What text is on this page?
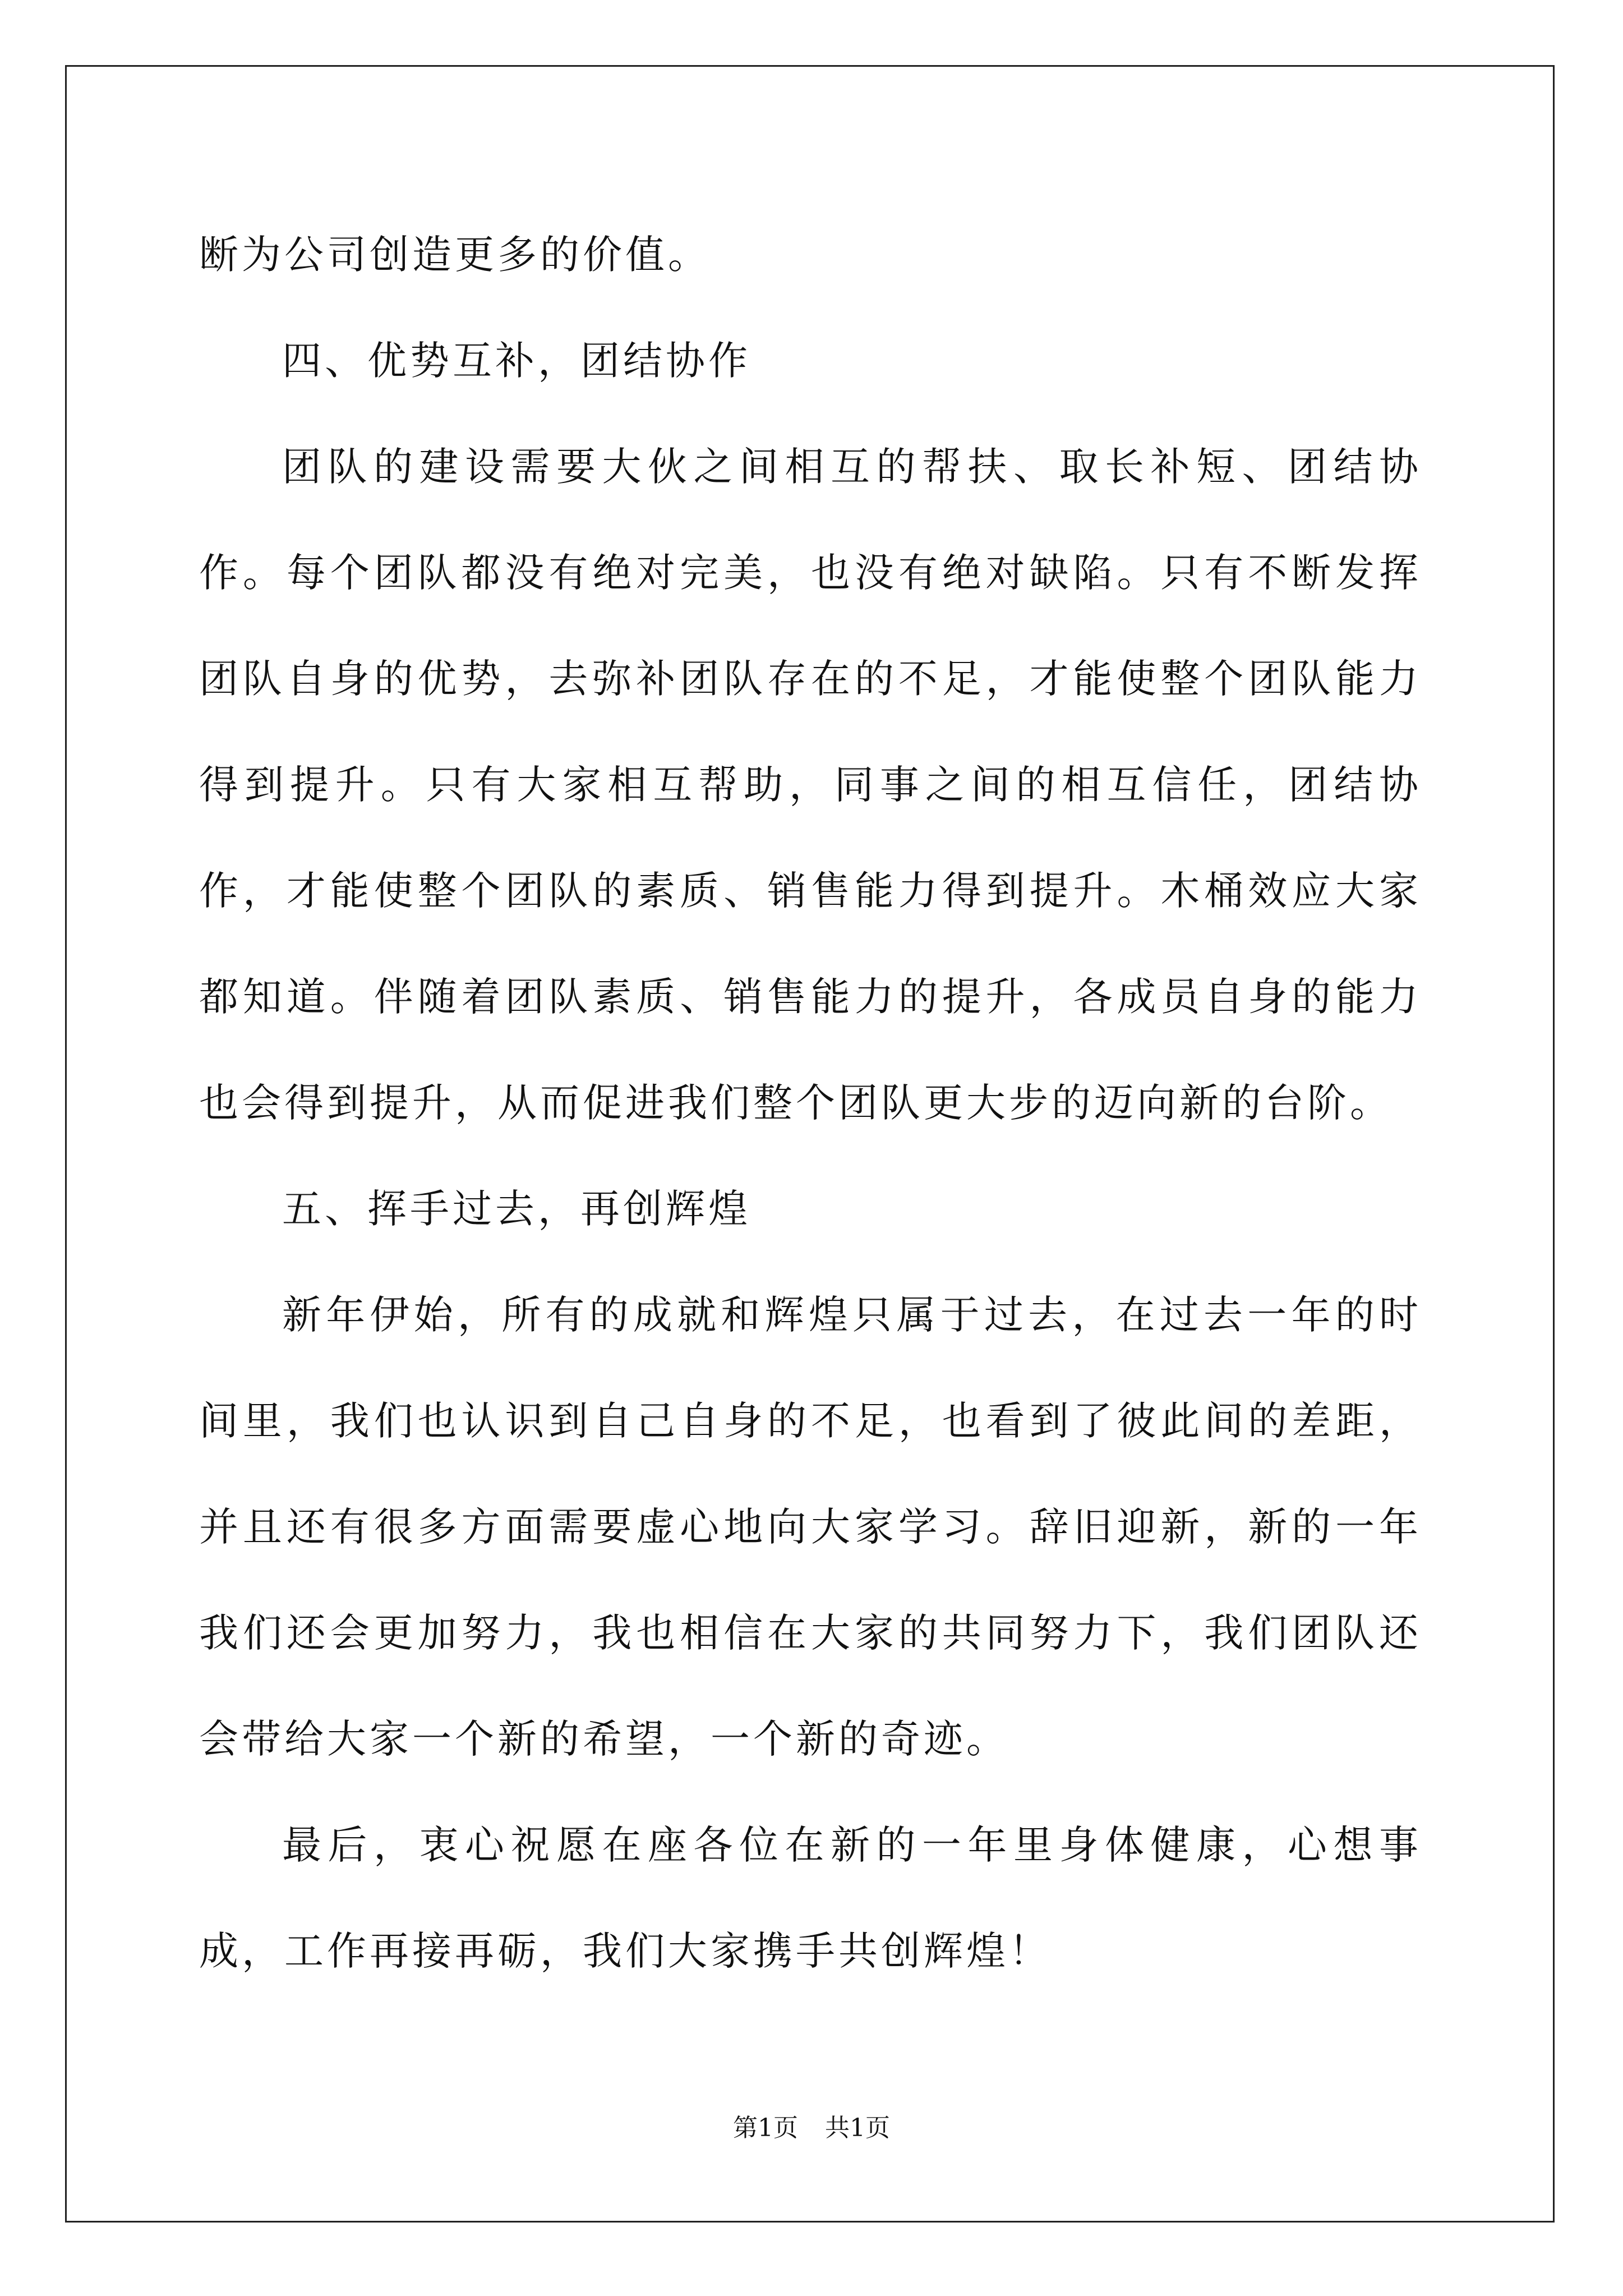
断为公司创造更多的价值。

四、优势互补，团结协作

团队的建设需要大伙之间相互的帮扶、取长补短、团结协作。每个团队都没有绝对完美，也没有绝对缺陷。只有不断发挥团队自身的优势，去弥补团队存在的不足，才能使整个团队能力得到提升。只有大家相互帮助，同事之间的相互信任，团结协作，才能使整个团队的素质、销售能力得到提升。木桶效应大家都知道。伴随着团队素质、销售能力的提升，各成员自身的能力也会得到提升，从而促进我们整个团队更大步的迈向新的台阶。

五、挥手过去，再创辉煌

新年伊始，所有的成就和辉煌只属于过去，在过去一年的时间里，我们也认识到自己自身的不足，也看到了彼此间的差距，并且还有很多方面需要虚心地向大家学习。辞旧迎新，新的一年我们还会更加努力，我也相信在大家的共同努力下，我们团队还会带给大家一个新的希望，一个新的奇迹。

最后，衷心祝愿在座各位在新的一年里身体健康，心想事成，工作再接再砺，我们大家携手共创辉煌！

第1页 共1页
